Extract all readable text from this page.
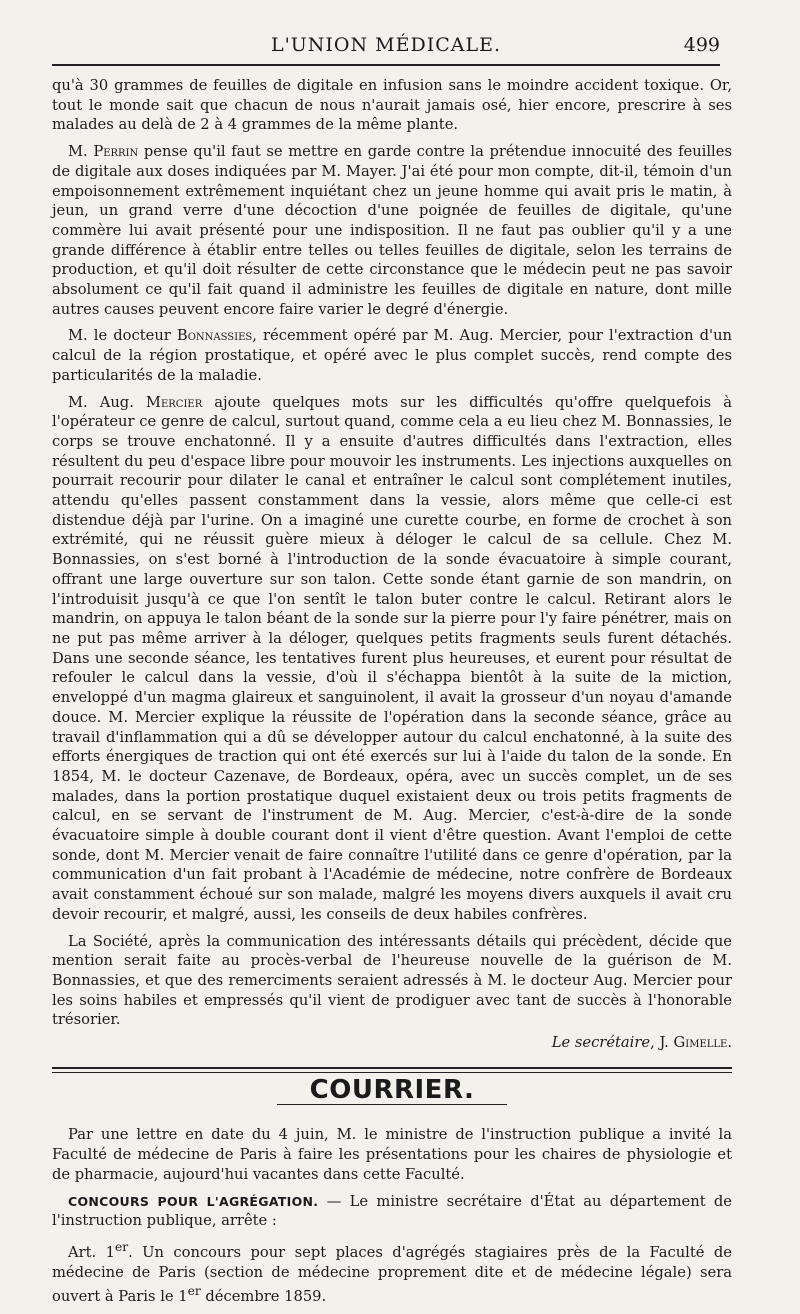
L'UNION MÉDICALE.	499

qu'à 30 grammes de feuilles de digitale en infusion sans le moindre accident toxique. Or, tout le monde sait que chacun de nous n'aurait jamais osé, hier encore, prescrire à ses malades au delà de 2 à 4 grammes de la même plante.

M. Perrin pense qu'il faut se mettre en garde contre la prétendue innocuité des feuilles de digitale aux doses indiquées par M. Mayer. J'ai été pour mon compte, dit-il, témoin d'un empoisonnement extrêmement inquiétant chez un jeune homme qui avait pris le matin, à jeun, un grand verre d'une décoction d'une poignée de feuilles de digitale, qu'une commère lui avait présenté pour une indisposition. Il ne faut pas oublier qu'il y a une grande différence à établir entre telles ou telles feuilles de digitale, selon les terrains de production, et qu'il doit résulter de cette circonstance que le médecin peut ne pas savoir absolument ce qu'il fait quand il administre les feuilles de digitale en nature, dont mille autres causes peuvent encore faire varier le degré d'énergie.

M. le docteur Bonnassies, récemment opéré par M. Aug. Mercier, pour l'extraction d'un calcul de la région prostatique, et opéré avec le plus complet succès, rend compte des particularités de la maladie.

M. Aug. Mercier ajoute quelques mots sur les difficultés qu'offre quelquefois à l'opérateur ce genre de calcul, surtout quand, comme cela a eu lieu chez M. Bonnassies, le corps se trouve enchatonné. Il y a ensuite d'autres difficultés dans l'extraction, elles résultent du peu d'espace libre pour mouvoir les instruments. Les injections auxquelles on pourrait recourir pour dilater le canal et entraîner le calcul sont complétement inutiles, attendu qu'elles passent constamment dans la vessie, alors même que celle-ci est distendue déjà par l'urine. On a imaginé une curette courbe, en forme de crochet à son extrémité, qui ne réussit guère mieux à déloger le calcul de sa cellule. Chez M. Bonnassies, on s'est borné à l'introduction de la sonde évacuatoire à simple courant, offrant une large ouverture sur son talon. Cette sonde étant garnie de son mandrin, on l'introduisit jusqu'à ce que l'on sentît le talon buter contre le calcul. Retirant alors le mandrin, on appuya le talon béant de la sonde sur la pierre pour l'y faire pénétrer, mais on ne put pas même arriver à la déloger, quelques petits fragments seuls furent détachés. Dans une seconde séance, les tentatives furent plus heureuses, et eurent pour résultat de refouler le calcul dans la vessie, d'où il s'échappa bientôt à la suite de la miction, enveloppé d'un magma glaireux et sanguinolent, il avait la grosseur d'un noyau d'amande douce. M. Mercier explique la réussite de l'opération dans la seconde séance, grâce au travail d'inflammation qui a dû se développer autour du calcul enchatonné, à la suite des efforts énergiques de traction qui ont été exercés sur lui à l'aide du talon de la sonde. En 1854, M. le docteur Cazenave, de Bordeaux, opéra, avec un succès complet, un de ses malades, dans la portion prostatique duquel existaient deux ou trois petits fragments de calcul, en se servant de l'instrument de M. Aug. Mercier, c'est-à-dire de la sonde évacuatoire simple à double courant dont il vient d'être question. Avant l'emploi de cette sonde, dont M. Mercier venait de faire connaître l'utilité dans ce genre d'opération, par la communication d'un fait probant à l'Académie de médecine, notre confrère de Bordeaux avait constamment échoué sur son malade, malgré les moyens divers auxquels il avait cru devoir recourir, et malgré, aussi, les conseils de deux habiles confrères.

La Société, après la communication des intéressants détails qui précèdent, décide que mention serait faite au procès-verbal de l'heureuse nouvelle de la guérison de M. Bonnassies, et que des remerciments seraient adressés à M. le docteur Aug. Mercier pour les soins habiles et empressés qu'il vient de prodiguer avec tant de succès à l'honorable trésorier.

Le secrétaire, J. Gimelle.
COURRIER.

Par une lettre en date du 4 juin, M. le ministre de l'instruction publique a invité la Faculté de médecine de Paris à faire les présentations pour les chaires de physiologie et de pharmacie, aujourd'hui vacantes dans cette Faculté.

CONCOURS POUR L'AGRÉGATION. — Le ministre secrétaire d'État au département de l'instruction publique, arrête :

Art. 1er. Un concours pour sept places d'agrégés stagiaires près de la Faculté de médecine de Paris (section de médecine proprement dite et de médecine légale) sera ouvert à Paris le 1er décembre 1859.
